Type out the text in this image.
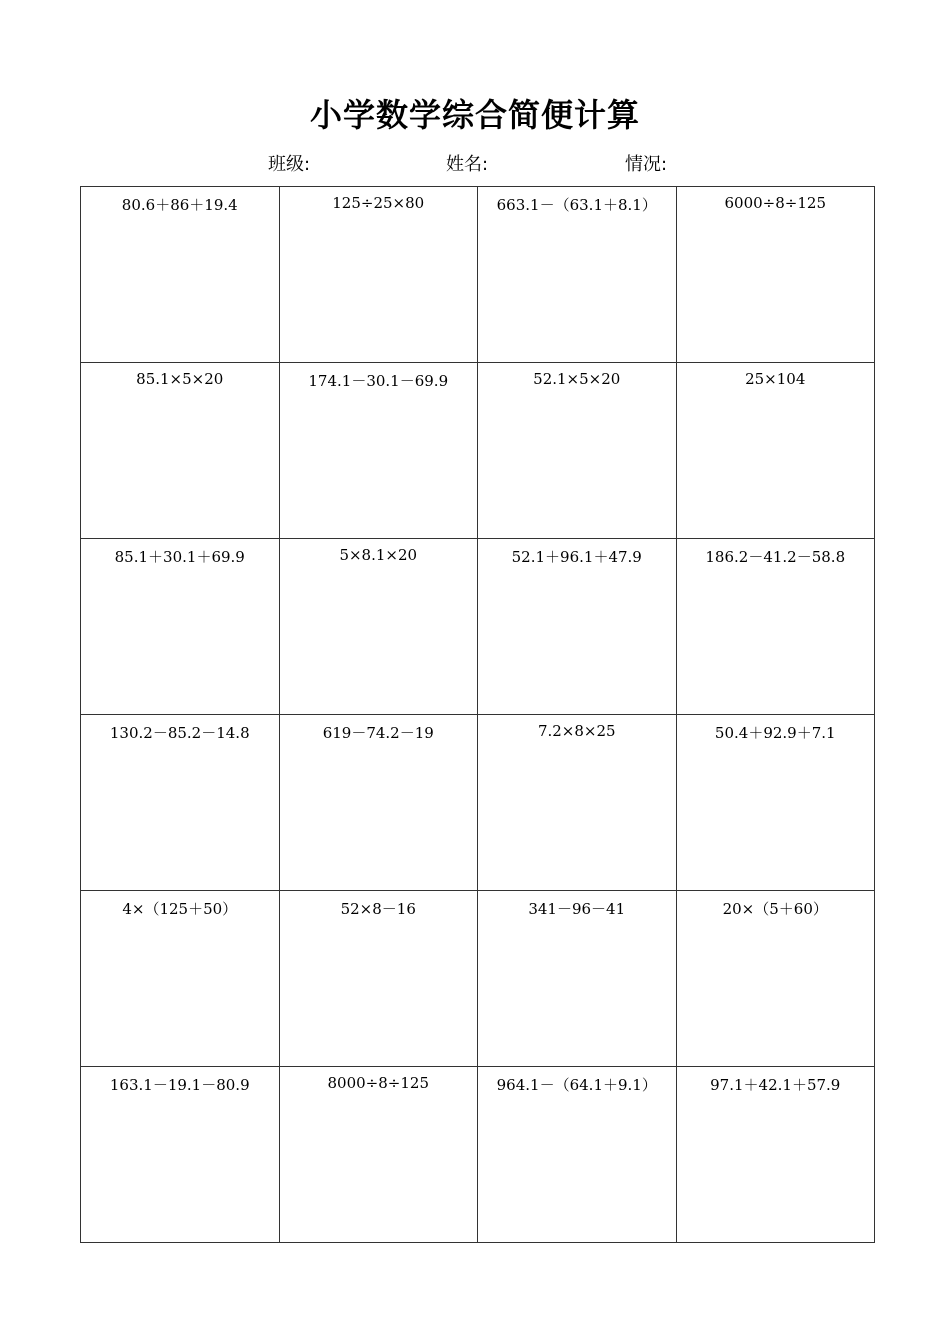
小学数学综合简便计算
班级:	姓名:	情况:
80.6＋86＋19.4	125÷25×80	663.1－（63.1＋8.1）	6000÷8÷125

85.1×5×20	174.1－30.1－69.9	52.1×5×20	25×104

85.1＋30.1＋69.9	5×8.1×20	52.1＋96.1＋47.9	186.2－41.2－58.8

130.2－85.2－14.8	619－74.2－19	7.2×8×25	50.4＋92.9＋7.1

4×（125＋50）	52×8－16	341－96－41	20×（5＋60）

163.1－19.1－80.9	8000÷8÷125	964.1－（64.1＋9.1）	97.1＋42.1＋57.9
